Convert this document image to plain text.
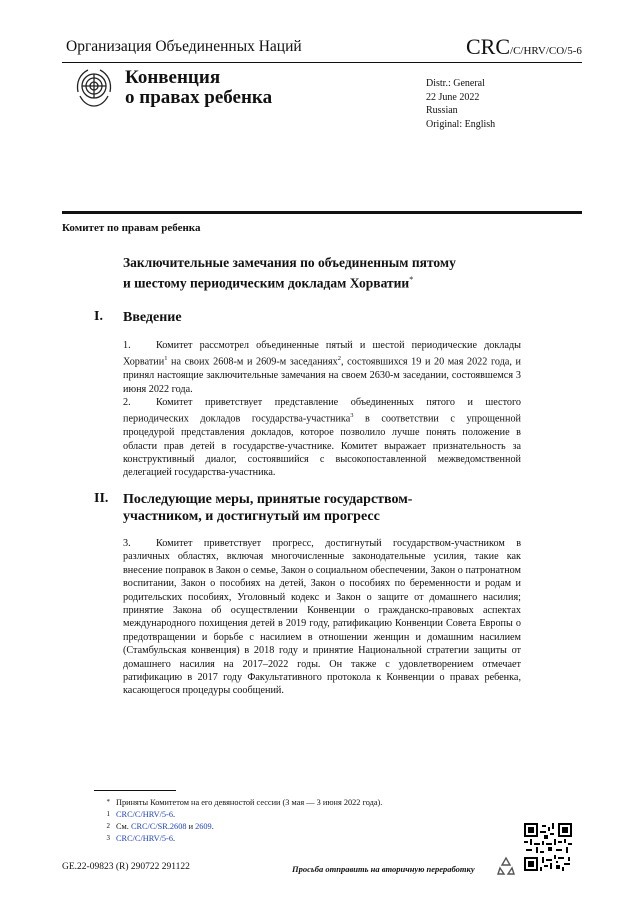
Организация Объединенных Наций	CRC/C/HRV/CO/5-6
Конвенция
о правах ребенка
Distr.: General
22 June 2022
Russian
Original: English
Комитет по правам ребенка
Заключительные замечания по объединенным пятому
и шестому периодическим докладам Хорватии*
I. Введение
1. Комитет рассмотрел объединенные пятый и шестой периодические доклады Хорватии$^1$ на своих 2608-м и 2609-м заседаниях$^2$, состоявшихся 19 и 20 мая 2022 года, и принял настоящие заключительные замечания на своем 2630-м заседании, состоявшемся 3 июня 2022 года.
2. Комитет приветствует представление объединенных пятого и шестого периодических докладов государства-участника$^3$ в соответствии с упрощенной процедурой представления докладов, которое позволило лучше понять положение в области прав детей в государстве-участнике. Комитет выражает признательность за конструктивный диалог, состоявшийся с высокопоставленной межведомственной делегацией государства-участника.
II. Последующие меры, принятые государством-
участником, и достигнутый им прогресс
3. Комитет приветствует прогресс, достигнутый государством-участником в различных областях, включая многочисленные законодательные усилия, такие как внесение поправок в Закон о семье, Закон о социальном обеспечении, Закон о патронатном воспитании, Закон о пособиях на детей, Закон о пособиях по беременности и родам и родительских пособиях, Уголовный кодекс и Закон о защите от домашнего насилия; принятие Закона об осуществлении Конвенции о гражданско-правовых аспектах международного похищения детей в 2019 году, ратификацию Конвенции Совета Европы о предотвращении и борьбе с насилием в отношении женщин и домашним насилием (Стамбульская конвенция) в 2018 году и принятие Национальной стратегии защиты от домашнего насилия на 2017–2022 годы. Он также с удовлетворением отмечает ратификацию в 2017 году Факультативного протокола к Конвенции о правах ребенка, касающегося процедуры сообщений.
* Приняты Комитетом на его девяностой сессии (3 мая — 3 июня 2022 года).
1 CRC/C/HRV/5-6.
2 См. CRC/C/SR.2608 и 2609.
3 CRC/C/HRV/5-6.
GE.22-09823 (R) 290722 291122	Просьба отправить на вторичную переработку
